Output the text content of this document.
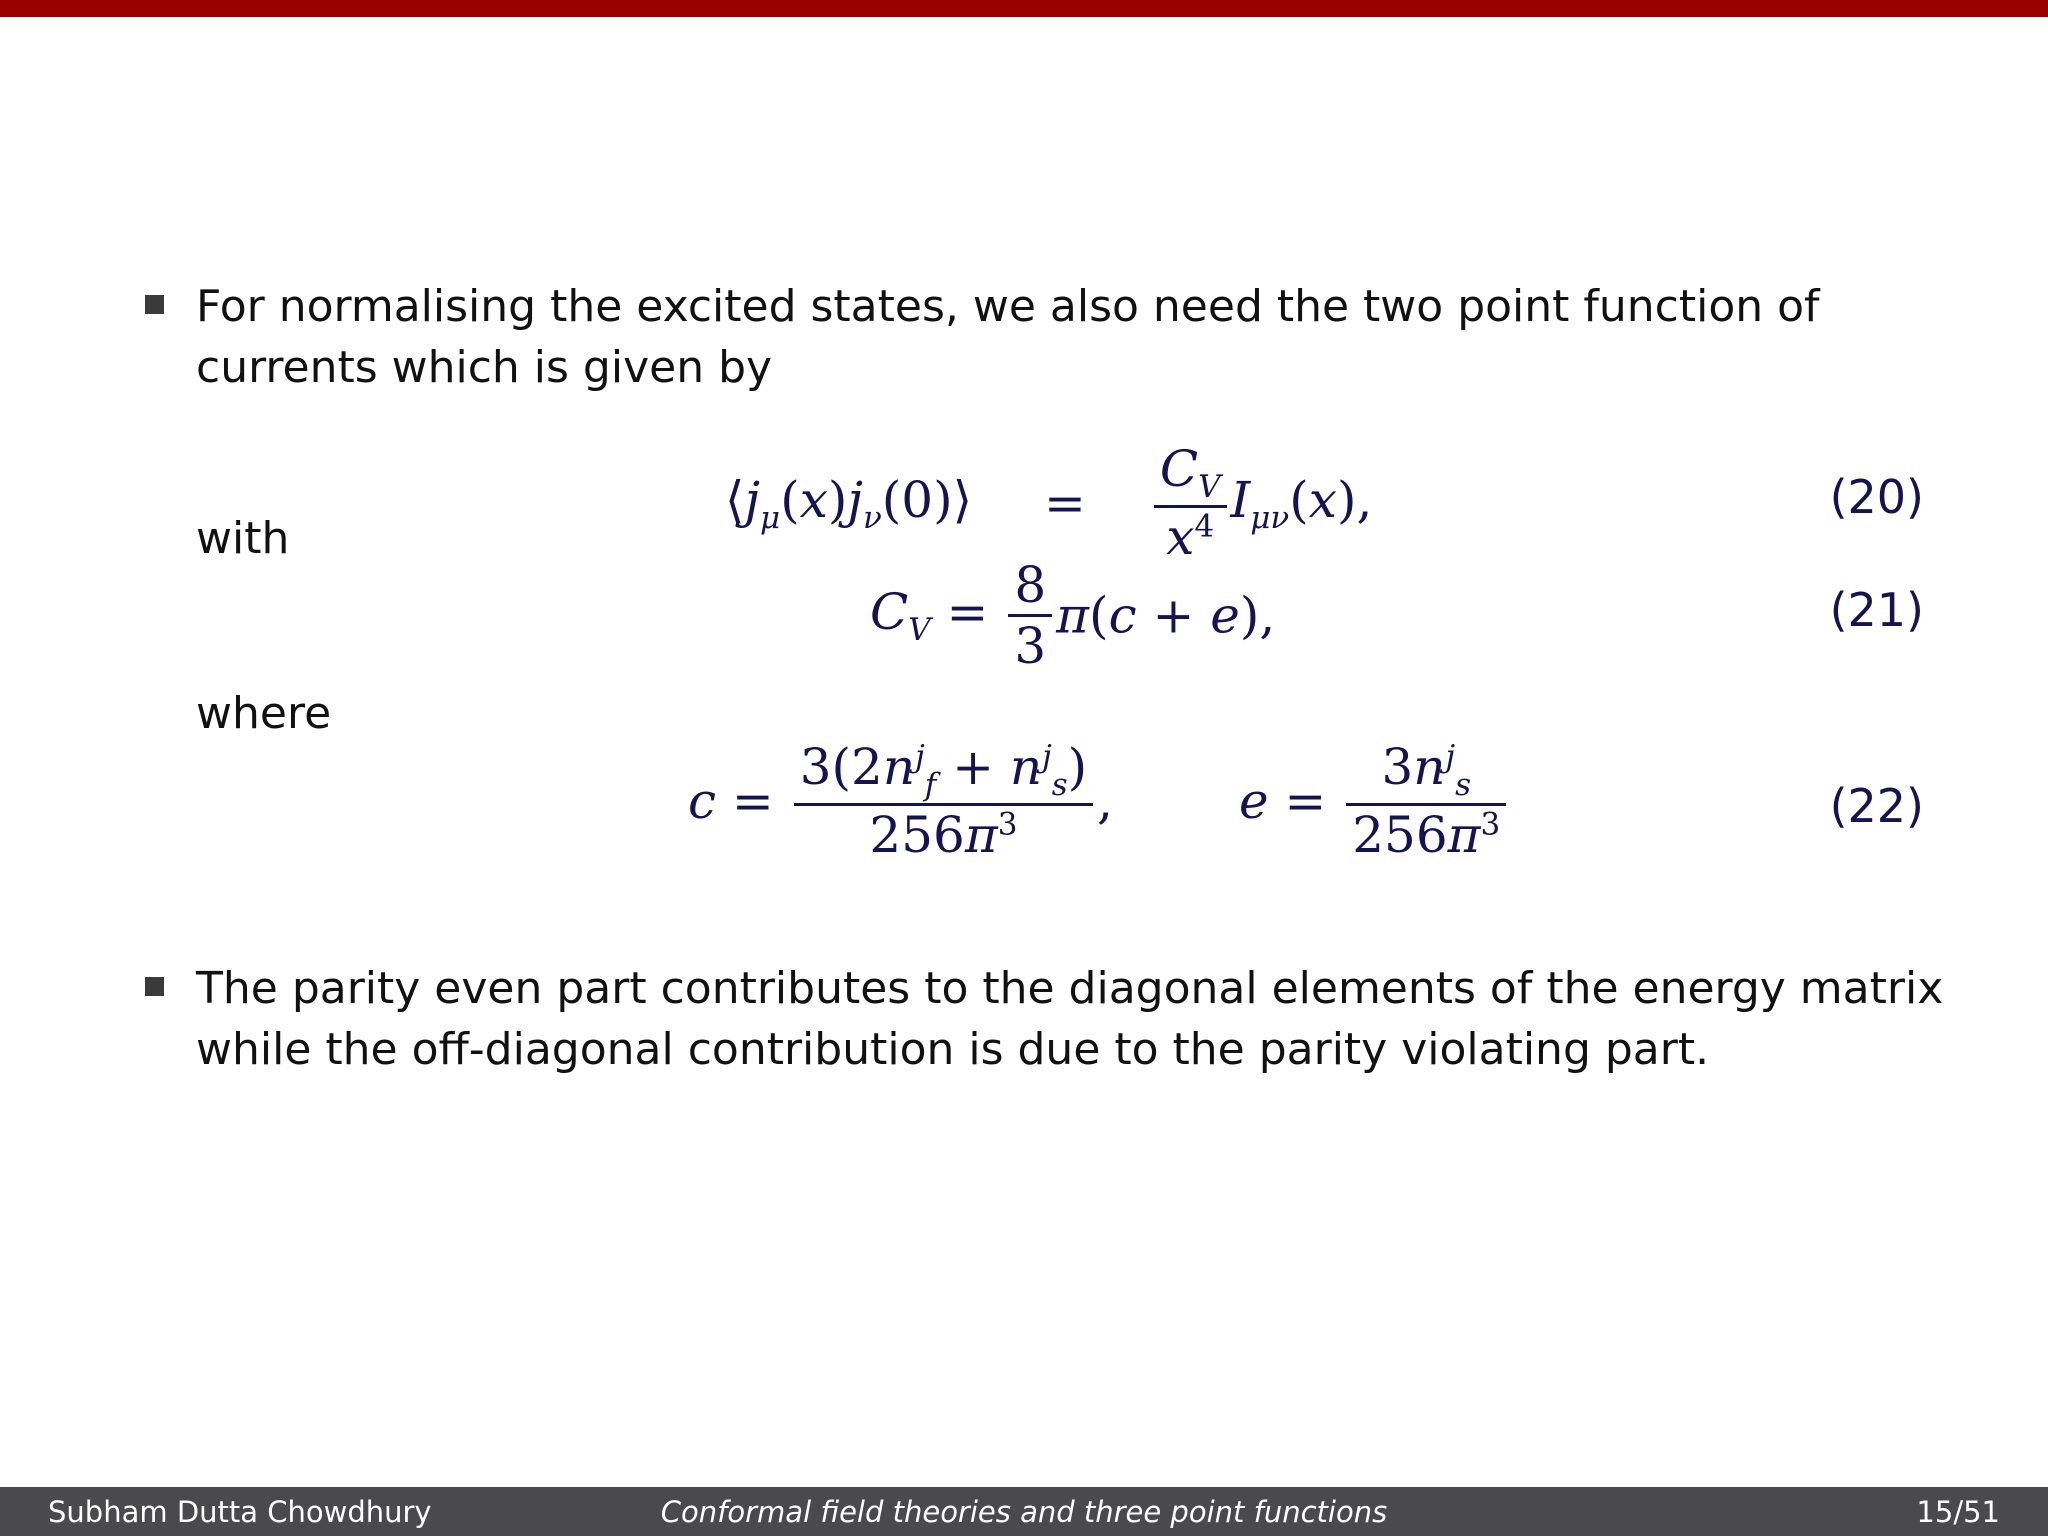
For normalising the excited states, we also need the two point function of
currents which is given by
$⟨j_\mu(x)j_\nu(0)⟩ = \frac{C_V}{x^4} I_{\mu\nu}(x)$,	(20)
with
$C_V = \frac{8}{3} \pi(c + e)$,	(21)
where
$c = \frac{3(2n^j_f + n^j_s)}{256\pi^3}$ ,	$e = \frac{3n^j_s}{256\pi^3}$	(22)
The parity even part contributes to the diagonal elements of the energy matrix
while the off-diagonal contribution is due to the parity violating part.
Conformal field theories and three point functions
Subham Dutta Chowdhury	15/51
